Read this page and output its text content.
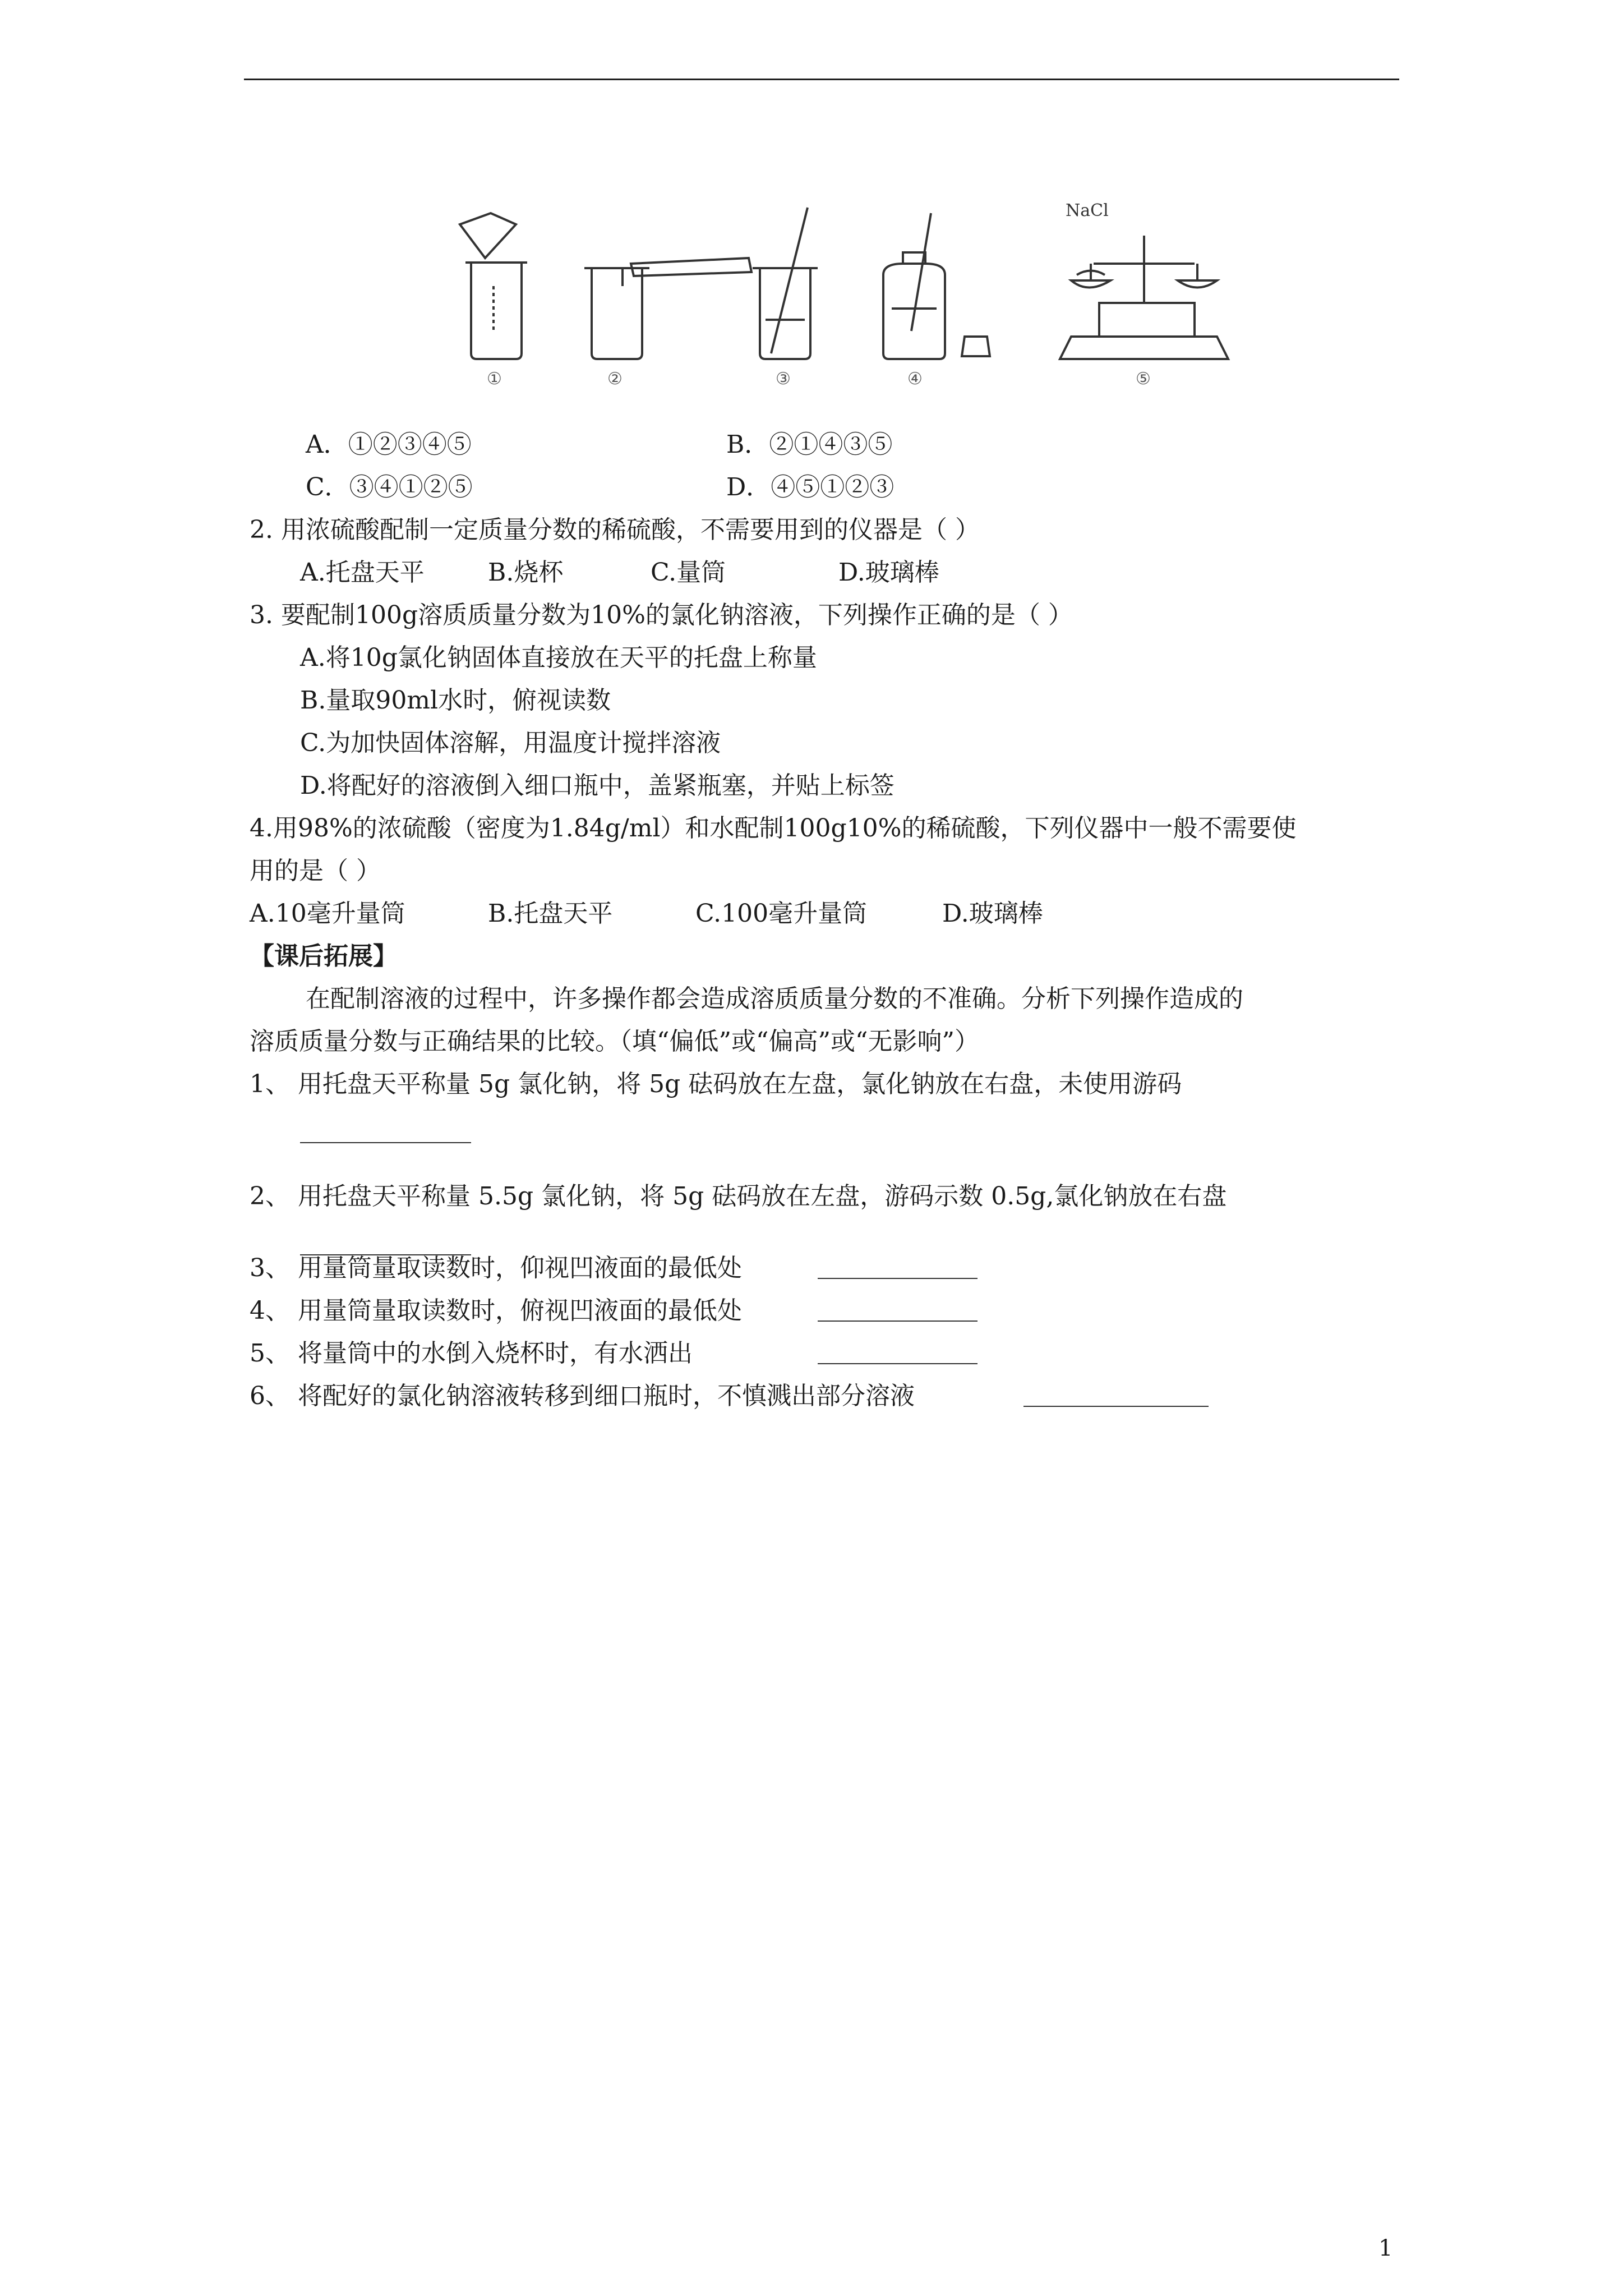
NaCl
①	②	③	④	⑤
A．①②③④⑤	B．②①④③⑤
C．③④①②⑤	D．④⑤①②③
2. 用浓硫酸配制一定质量分数的稀硫酸，不需要用到的仪器是（ ）
A.托盘天平	B.烧杯	C.量筒	D.玻璃棒
3. 要配制100g溶质质量分数为10%的氯化钠溶液，下列操作正确的是（ ）
A.将10g氯化钠固体直接放在天平的托盘上称量
B.量取90ml水时，俯视读数
C.为加快固体溶解，用温度计搅拌溶液
D.将配好的溶液倒入细口瓶中，盖紧瓶塞，并贴上标签
4.用98%的浓硫酸（密度为1.84g/ml）和水配制100g10%的稀硫酸，下列仪器中一般不需要使
用的是（ ）
A.10毫升量筒	B.托盘天平	C.100毫升量筒	D.玻璃棒
【课后拓展】
在配制溶液的过程中，许多操作都会造成溶质质量分数的不准确。分析下列操作造成的
溶质质量分数与正确结果的比较。（填“偏低”或“偏高”或“无影响”）
1、 用托盘天平称量 5g 氯化钠，将 5g 砝码放在左盘，氯化钠放在右盘，未使用游码
2、 用托盘天平称量 5.5g 氯化钠，将 5g 砝码放在左盘，游码示数 0.5g,氯化钠放在右盘
3、 用量筒量取读数时，仰视凹液面的最低处
4、 用量筒量取读数时，俯视凹液面的最低处
5、 将量筒中的水倒入烧杯时，有水洒出
6、 将配好的氯化钠溶液转移到细口瓶时，不慎溅出部分溶液
1
